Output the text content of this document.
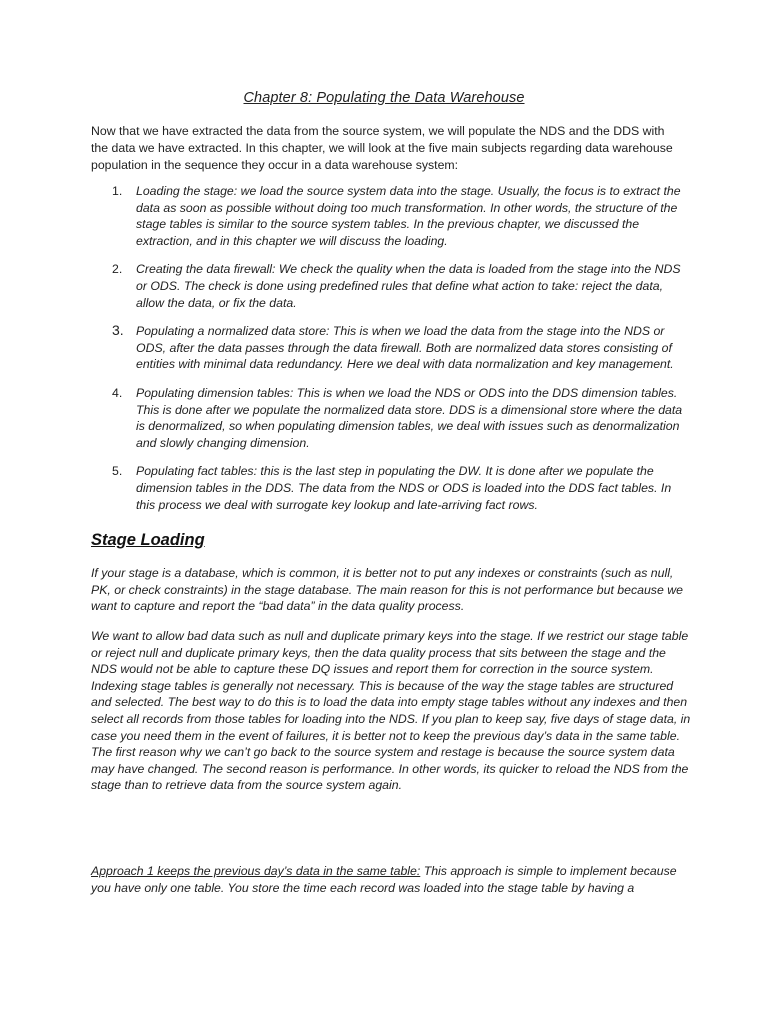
Chapter 8: Populating the Data Warehouse

Now that we have extracted the data from the source system, we will populate the NDS and the DDS with the data we have extracted. In this chapter, we will look at the five main subjects regarding data warehouse population in the sequence they occur in a data warehouse system:

1. Loading the stage: we load the source system data into the stage. Usually, the focus is to extract the data as soon as possible without doing too much transformation. In other words, the structure of the stage tables is similar to the source system tables. In the previous chapter, we discussed the extraction, and in this chapter we will discuss the loading.
2. Creating the data firewall: We check the quality when the data is loaded from the stage into the NDS or ODS. The check is done using predefined rules that define what action to take: reject the data, allow the data, or fix the data.
3. Populating a normalized data store: This is when we load the data from the stage into the NDS or ODS, after the data passes through the data firewall. Both are normalized data stores consisting of entities with minimal data redundancy. Here we deal with data normalization and key management.
4. Populating dimension tables: This is when we load the NDS or ODS into the DDS dimension tables. This is done after we populate the normalized data store. DDS is a dimensional store where the data is denormalized, so when populating dimension tables, we deal with issues such as denormalization and slowly changing dimension.
5. Populating fact tables: this is the last step in populating the DW. It is done after we populate the dimension tables in the DDS. The data from the NDS or ODS is loaded into the DDS fact tables. In this process we deal with surrogate key lookup and late-arriving fact rows.
Stage Loading

If your stage is a database, which is common, it is better not to put any indexes or constraints (such as null, PK, or check constraints) in the stage database. The main reason for this is not performance but because we want to capture and report the “bad data” in the data quality process.

We want to allow bad data such as null and duplicate primary keys into the stage. If we restrict our stage table or reject null and duplicate primary keys, then the data quality process that sits between the stage and the NDS would not be able to capture these DQ issues and report them for correction in the source system. Indexing stage tables is generally not necessary. This is because of the way the stage tables are structured and selected. The best way to do this is to load the data into empty stage tables without any indexes and then select all records from those tables for loading into the NDS. If you plan to keep say, five days of stage data, in case you need them in the event of failures, it is better not to keep the previous day’s data in the same table. The first reason why we can’t go back to the source system and restage is because the source system data may have changed. The second reason is performance. In other words, its quicker to reload the NDS from the stage than to retrieve data from the source system again.

Approach 1 keeps the previous day’s data in the same table: This approach is simple to implement because you have only one table. You store the time each record was loaded into the stage table by having a
